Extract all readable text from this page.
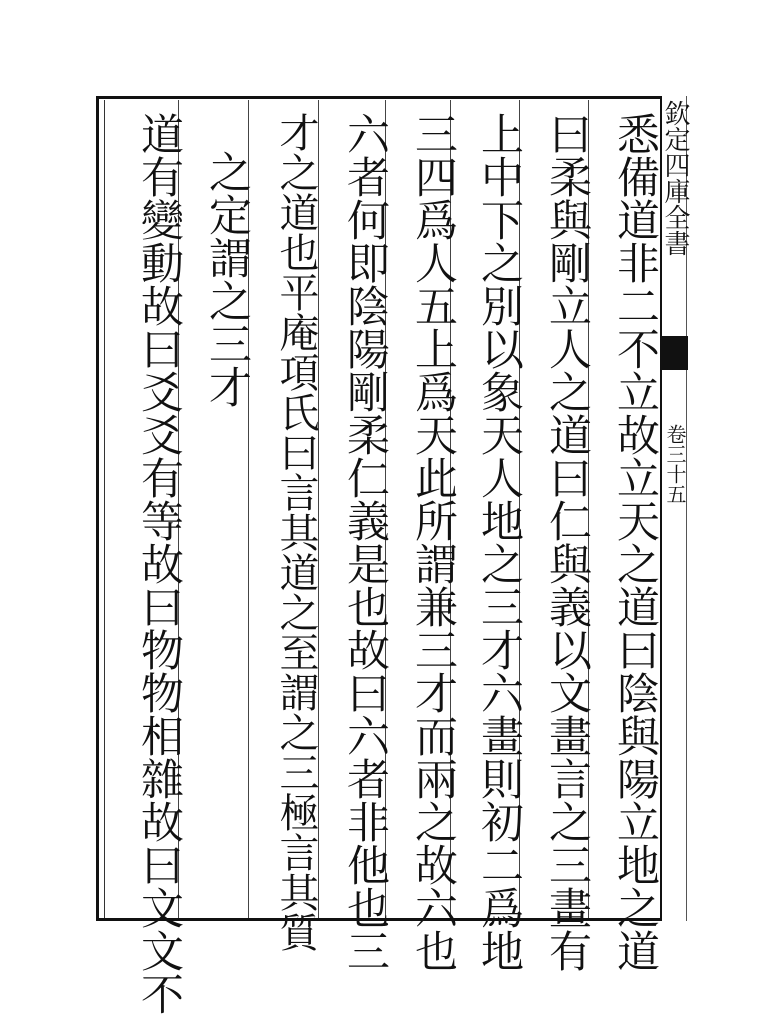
欽定四庫全書
卷三十五
悉備道非二不立故立天之道曰陰與陽立地之道
曰柔與剛立人之道曰仁與義以文畫言之三畫有
上中下之別以象天人地之三才六畫則初二爲地
三四爲人五上爲天此所謂兼三才而兩之故六也
六者何即陰陽剛柔仁義是也故曰六者非他也三
才之道也平庵項氏曰言其道之至謂之三極言其質
之定謂之三才
道有變動故曰爻爻有等故曰物物相雜故曰文文不
